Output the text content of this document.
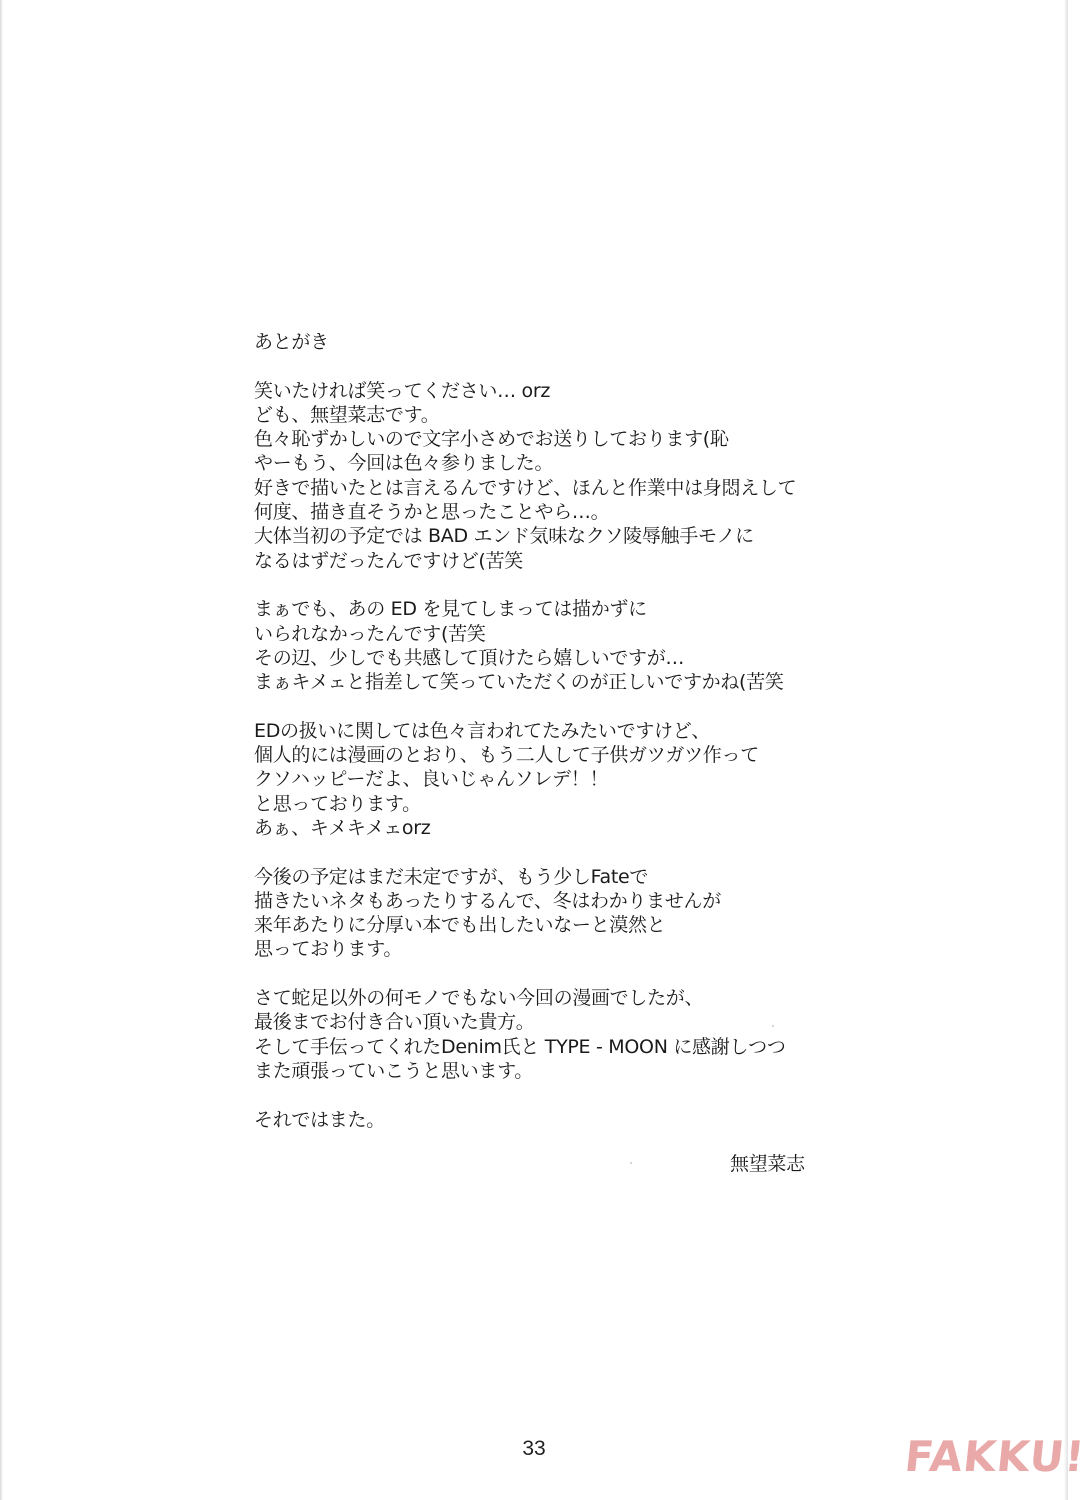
あとがき
笑いたければ笑ってください… orz
ども、無望菜志です。
色々恥ずかしいので文字小さめでお送りしております(恥
やーもう、今回は色々参りました。
好きで描いたとは言えるんですけど、ほんと作業中は身悶えして
何度、描き直そうかと思ったことやら…。
大体当初の予定では BAD エンド気味なクソ陵辱触手モノに
なるはずだったんですけど(苦笑
まぁでも、あの ED を見てしまっては描かずに
いられなかったんです(苦笑
その辺、少しでも共感して頂けたら嬉しいですが…
まぁキメェと指差して笑っていただくのが正しいですかね(苦笑
EDの扱いに関しては色々言われてたみたいですけど、
個人的には漫画のとおり、もう二人して子供ガツガツ作って
クソハッピーだよ、良いじゃんソレデ！！
と思っております。
あぁ、キメキメェorz
今後の予定はまだ未定ですが、もう少しFateで
描きたいネタもあったりするんで、冬はわかりませんが
来年あたりに分厚い本でも出したいなーと漠然と
思っております。
さて蛇足以外の何モノでもない今回の漫画でしたが、
最後までお付き合い頂いた貴方。
そして手伝ってくれたDenim氏と TYPE - MOON に感謝しつつ
また頑張っていこうと思います。
それではまた。
無望菜志
33	FAKKU!
